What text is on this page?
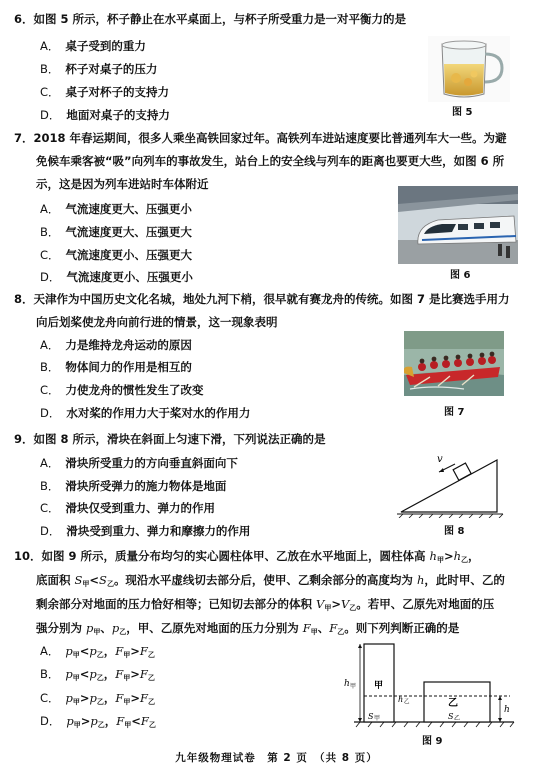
6．如图 5 所示，杯子静止在水平桌面上，与杯子所受重力是一对平衡力的是
A． 桌子受到的重力
B． 杯子对桌子的压力
C． 桌子对杯子的支持力
D． 地面对桌子的支持力	图 5
7．2018 年春运期间，很多人乘坐高铁回家过年。高铁列车进站速度要比普通列车大一些。为避
免候车乘客被“吸”向列车的事故发生，站台上的安全线与列车的距离也要更大些，如图 6 所
示，这是因为列车进站时车体附近
A． 气流速度更大、压强更小
B． 气流速度更大、压强更大
C． 气流速度更小、压强更大
D． 气流速度更小、压强更小	图 6
8．天津作为中国历史文化名城，地处九河下梢，很早就有赛龙舟的传统。如图 7 是比赛选手用力
向后划桨使龙舟向前行进的情景，这一现象表明
A． 力是维持龙舟运动的原因
B． 物体间力的作用是相互的
C． 力使龙舟的惯性发生了改变
D． 水对桨的作用力大于桨对水的作用力	图 7
9．如图 8 所示，滑块在斜面上匀速下滑，下列说法正确的是
A． 滑块所受重力的方向垂直斜面向下
B． 滑块所受弹力的施力物体是地面
C． 滑块仅受到重力、弹力的作用
D． 滑块受到重力、弹力和摩擦力的作用
v
图 8
10．如图 9 所示，质量分布均匀的实心圆柱体甲、乙放在水平地面上，圆柱体高 $h_甲>h_乙$，
底面积 $S_甲<S_乙$。现沿水平虚线切去部分后，使甲、乙剩余部分的高度均为 h，此时甲、乙的
剩余部分对地面的压力恰好相等；已知切去部分的体积 $V_甲>V_乙$。若甲、乙原先对地面的压
强分别为 $p_甲$、$p_乙$，甲、乙原先对地面的压力分别为 $F_甲$、$F_乙$。则下列判断正确的是
A． $p_甲<p_乙$，$F_甲>F_乙$
B． $p_甲<p_乙$，$F_甲>F_乙$
C． $p_甲>p_乙$，$F_甲>F_乙$
D． $p_甲>p_乙$，$F_甲<F_乙$
h 甲 甲
S 甲
乙
S 乙
h 乙
h
图 9
九年级物理试卷　第 2 页　（共 8 页）
